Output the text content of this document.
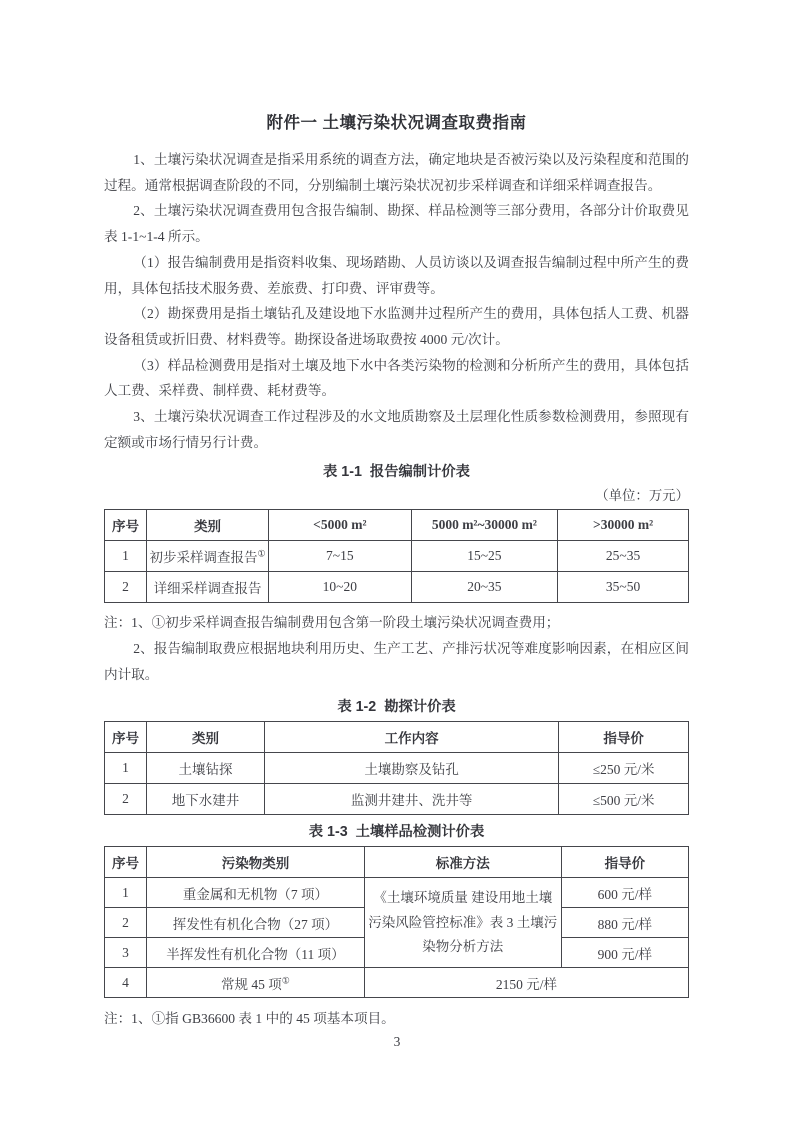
附件一 土壤污染状况调查取费指南

1、土壤污染状况调查是指采用系统的调查方法，确定地块是否被污染以及污染程度和范围的过程。通常根据调查阶段的不同，分别编制土壤污染状况初步采样调查和详细采样调查报告。

2、土壤污染状况调查费用包含报告编制、勘探、样品检测等三部分费用，各部分计价取费见表 1-1~1-4 所示。

（1）报告编制费用是指资料收集、现场踏勘、人员访谈以及调查报告编制过程中所产生的费用，具体包括技术服务费、差旅费、打印费、评审费等。

（2）勘探费用是指土壤钻孔及建设地下水监测井过程所产生的费用，具体包括人工费、机器设备租赁或折旧费、材料费等。勘探设备进场取费按 4000 元/次计。

（3）样品检测费用是指对土壤及地下水中各类污染物的检测和分析所产生的费用，具体包括人工费、采样费、制样费、耗材费等。

3、土壤污染状况调查工作过程涉及的水文地质勘察及土层理化性质参数检测费用，参照现有定额或市场行情另行计费。

表 1-1  报告编制计价表
（单位：万元）
序号	类别	<5000 m²	5000 m²~30000 m²	>30000 m²
1	初步采样调查报告①	7~15	15~25	25~35
2	详细采样调查报告	10~20	20~35	35~50

注：1、①初步采样调查报告编制费用包含第一阶段土壤污染状况调查费用；

2、报告编制取费应根据地块利用历史、生产工艺、产排污状况等难度影响因素，在相应区间内计取。

表 1-2  勘探计价表
序号	类别	工作内容	指导价
1	土壤钻探	土壤勘察及钻孔	≤250 元/米
2	地下水建井	监测井建井、洗井等	≤500 元/米
表 1-3  土壤样品检测计价表
序号	污染物类别	标准方法	指导价
1	重金属和无机物（7 项）	《土壤环境质量 建设用地土壤污染风险管控标准》表 3 土壤污染物分析方法	600 元/样
2	挥发性有机化合物（27 项）		880 元/样
3	半挥发性有机化合物（11 项）		900 元/样
4	常规 45 项①	2150 元/样	

注：1、①指 GB36600 表 1 中的 45 项基本项目。

3
